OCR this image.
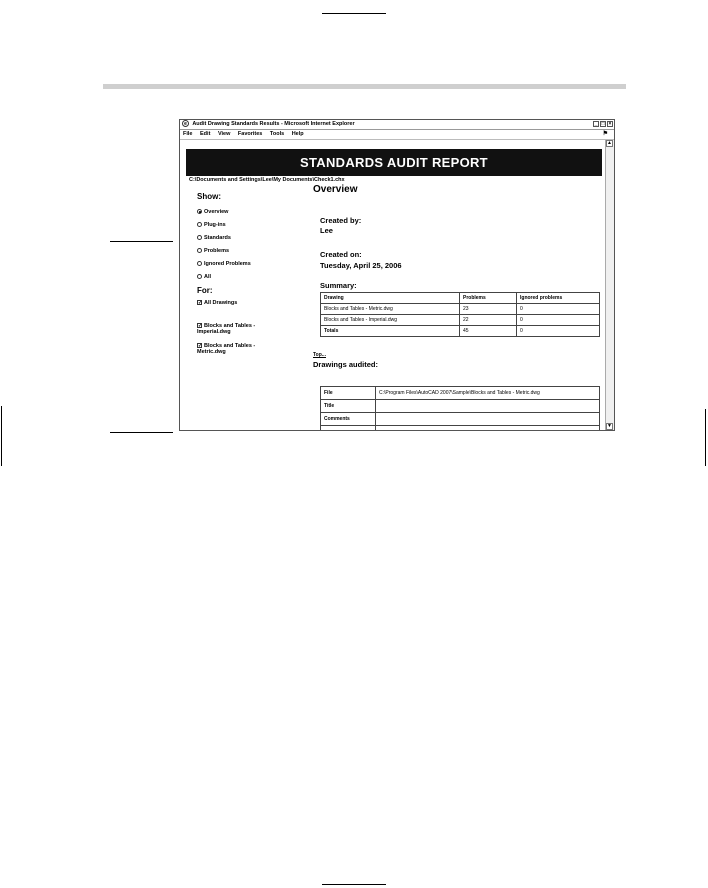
e Audit Drawing Standards Results - Microsoft Internet Explorer	_ □ ×
File Edit View Favorites Tools Help	⚑
STANDARDS AUDIT REPORT
C:\Documents and Settings\Lee\My Documents\Check1.chx
Show:
Overview
Plug-ins
Standards
Problems
Ignored Problems
All
For:
✓ All Drawings
✓ Blocks and Tables - Imperial.dwg
✓ Blocks and Tables - Metric.dwg
Overview
Created by:
Lee
Created on:
Tuesday, April 25, 2006
Summary:
Drawing	Problems	Ignored problems
Blocks and Tables - Metric.dwg	23	0
Blocks and Tables - Imperial.dwg	22	0
Totals	45	0
Top...
Drawings audited:
File	C:\Program Files\AutoCAD 2007\Sample\Blocks and Tables - Metric.dwg
Title	
Comments	

▲
▼
